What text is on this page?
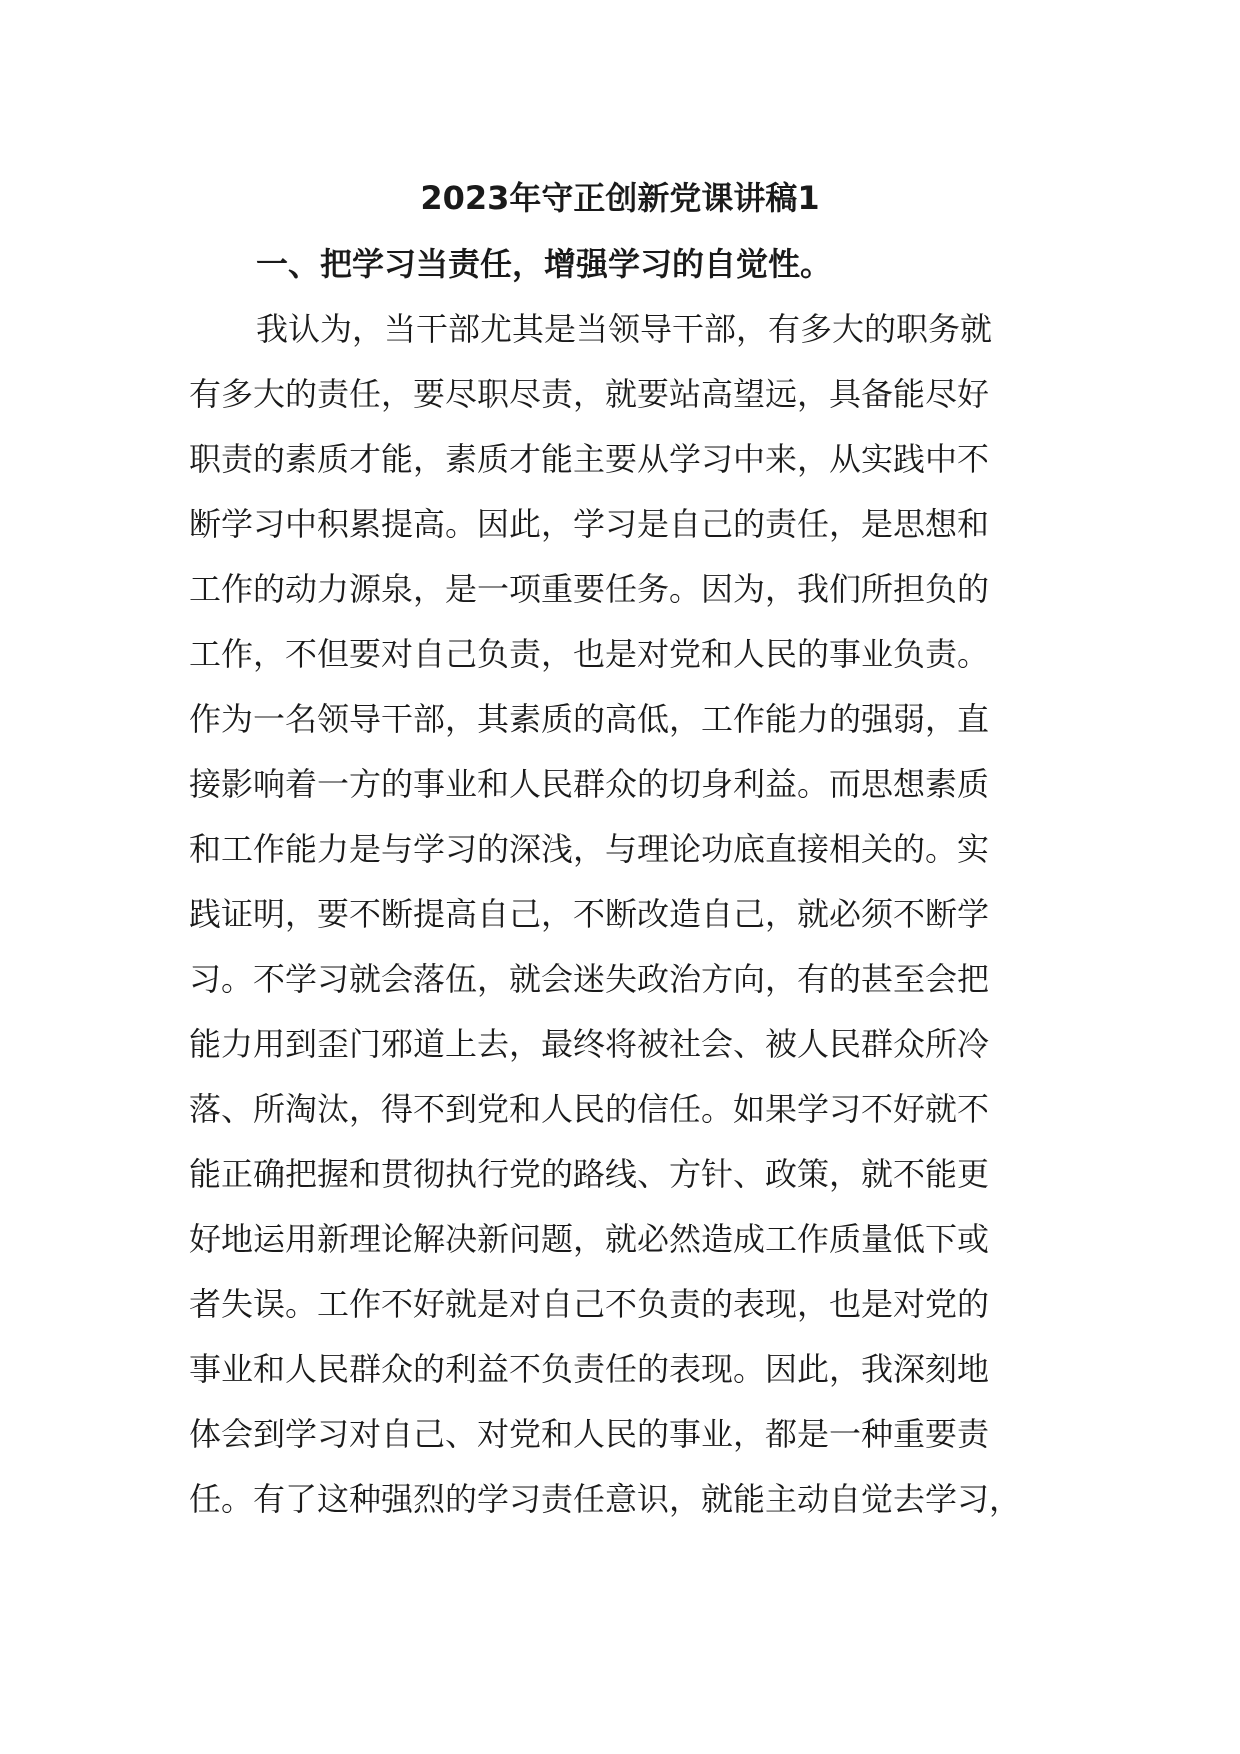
2023年守正创新党课讲稿1
一、把学习当责任，增强学习的自觉性。
我认为，当干部尤其是当领导干部，有多大的职务就
有多大的责任，要尽职尽责，就要站高望远，具备能尽好
职责的素质才能，素质才能主要从学习中来，从实践中不
断学习中积累提高。因此，学习是自己的责任，是思想和
工作的动力源泉，是一项重要任务。因为，我们所担负的
工作，不但要对自己负责，也是对党和人民的事业负责。
作为一名领导干部，其素质的高低，工作能力的强弱，直
接影响着一方的事业和人民群众的切身利益。而思想素质
和工作能力是与学习的深浅，与理论功底直接相关的。实
践证明，要不断提高自己，不断改造自己，就必须不断学
习。不学习就会落伍，就会迷失政治方向，有的甚至会把
能力用到歪门邪道上去，最终将被社会、被人民群众所冷
落、所淘汰，得不到党和人民的信任。如果学习不好就不
能正确把握和贯彻执行党的路线、方针、政策，就不能更
好地运用新理论解决新问题，就必然造成工作质量低下或
者失误。工作不好就是对自己不负责的表现，也是对党的
事业和人民群众的利益不负责任的表现。因此，我深刻地
体会到学习对自己、对党和人民的事业，都是一种重要责
任。有了这种强烈的学习责任意识，就能主动自觉去学习，
